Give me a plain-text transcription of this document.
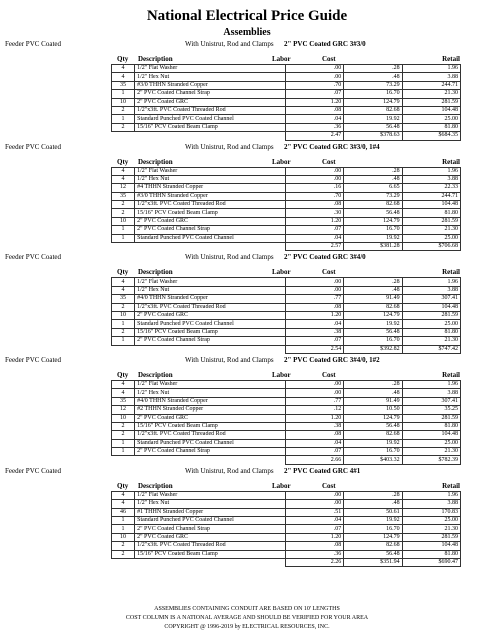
National Electrical Price Guide
Assemblies
Feeder PVC Coated	With Unistrut, Rod and Clamps 2" PVC Coated GRC 3#3/0
Qty Description	Labor	Cost	Retail
4	1/2" Flat Washer	.00	.28	1.96
4	1/2" Hex Nut	.00	.48	3.88
35	#3/0 THHN Stranded Copper	.70	73.29	244.71
1	2" PVC Coated Channel Strap	.07	16.70	21.30
10	2" PVC Coated GRC	1.20	124.79	281.59
2	1/2"x3ft. PVC Coated Threaded Rod	.08	82.68	104.48
1	Standard Punched PVC Coated Channel	.04	19.92	25.00
2	15/16" PCV Coated Beam Clamp	.36	56.48	81.80
		2.47	$378.63	$684.35
Feeder PVC Coated	With Unistrut, Rod and Clamps 2" PVC Coated GRC 3#3/0, 1#4
Qty Description	Labor	Cost	Retail
4	1/2" Flat Washer	.00	.28	1.96
4	1/2" Hex Nut	.00	.48	3.88
12	#4 THHN Stranded Copper	.16	6.65	22.33
35	#3/0 THHN Stranded Copper	.70	73.29	244.71
2	1/2"x3ft. PVC Coated Threaded Rod	.08	82.68	104.48
2	15/16" PCV Coated Beam Clamp	.30	56.48	81.80
10	2" PVC Coated GRC	1.20	124.79	281.59
1	2" PVC Coated Channel Strap	.07	16.70	21.30
1	Standard Punched PVC Coated Channel	.04	19.92	25.00
		2.57	$381.28	$706.68
Feeder PVC Coated	With Unistrut, Rod and Clamps 2" PVC Coated GRC 3#4/0
Qty Description	Labor	Cost	Retail
4	1/2" Flat Washer	.00	.28	1.96
4	1/2" Hex Nut	.00	.48	3.88
35	#4/0 THHN Stranded Copper	.77	91.49	307.41
2	1/2"x3ft. PVC Coated Threaded Rod	.08	82.68	104.48
10	2" PVC Coated GRC	1.20	124.79	281.59
1	Standard Punched PVC Coated Channel	.04	19.92	25.00
2	15/16" PCV Coated Beam Clamp	.38	56.48	81.80
1	2" PVC Coated Channel Strap	.07	16.70	21.30
		2.54	$392.82	$747.42
Feeder PVC Coated	With Unistrut, Rod and Clamps 2" PVC Coated GRC 3#4/0, 1#2
Qty Description	Labor	Cost	Retail
4	1/2" Flat Washer	.00	.28	1.96
4	1/2" Hex Nut	.00	.48	3.88
35	#4/0 THHN Stranded Copper	.77	91.49	307.41
12	#2 THHN Stranded Copper	.12	10.50	35.25
10	2" PVC Coated GRC	1.20	124.79	281.59
2	15/16" PCV Coated Beam Clamp	.38	56.48	81.80
2	1/2"x3ft. PVC Coated Threaded Rod	.08	82.68	104.48
1	Standard Punched PVC Coated Channel	.04	19.92	25.00
1	2" PVC Coated Channel Strap	.07	16.70	21.30
		2.66	$403.32	$782.39
Feeder PVC Coated	With Unistrut, Rod and Clamps 2" PVC Coated GRC 4#1
Qty Description	Labor	Cost	Retail
4	1/2" Flat Washer	.00	.28	1.96
4	1/2" Hex Nut	.00	.48	3.88
46	#1 THHN Stranded Copper	.51	50.61	170.83
1	Standard Punched PVC Coated Channel	.04	19.92	25.00
1	2" PVC Coated Channel Strap	.07	16.70	21.30
10	2" PVC Coated GRC	1.20	124.79	281.59
2	1/2"x3ft. PVC Coated Threaded Rod	.08	82.68	104.48
2	15/16" PCV Coated Beam Clamp	.36	56.48	81.80
		2.26	$351.94	$690.47
ASSEMBLIES CONTAINING CONDUIT ARE BASED ON 10' LENGTHS
COST COLUMN IS A NATIONAL AVERAGE AND SHOULD BE VERIFIED FOR YOUR AREA
COPYRIGHT @ 1996-2019 by ELECTRICAL RESOURCES, INC.
